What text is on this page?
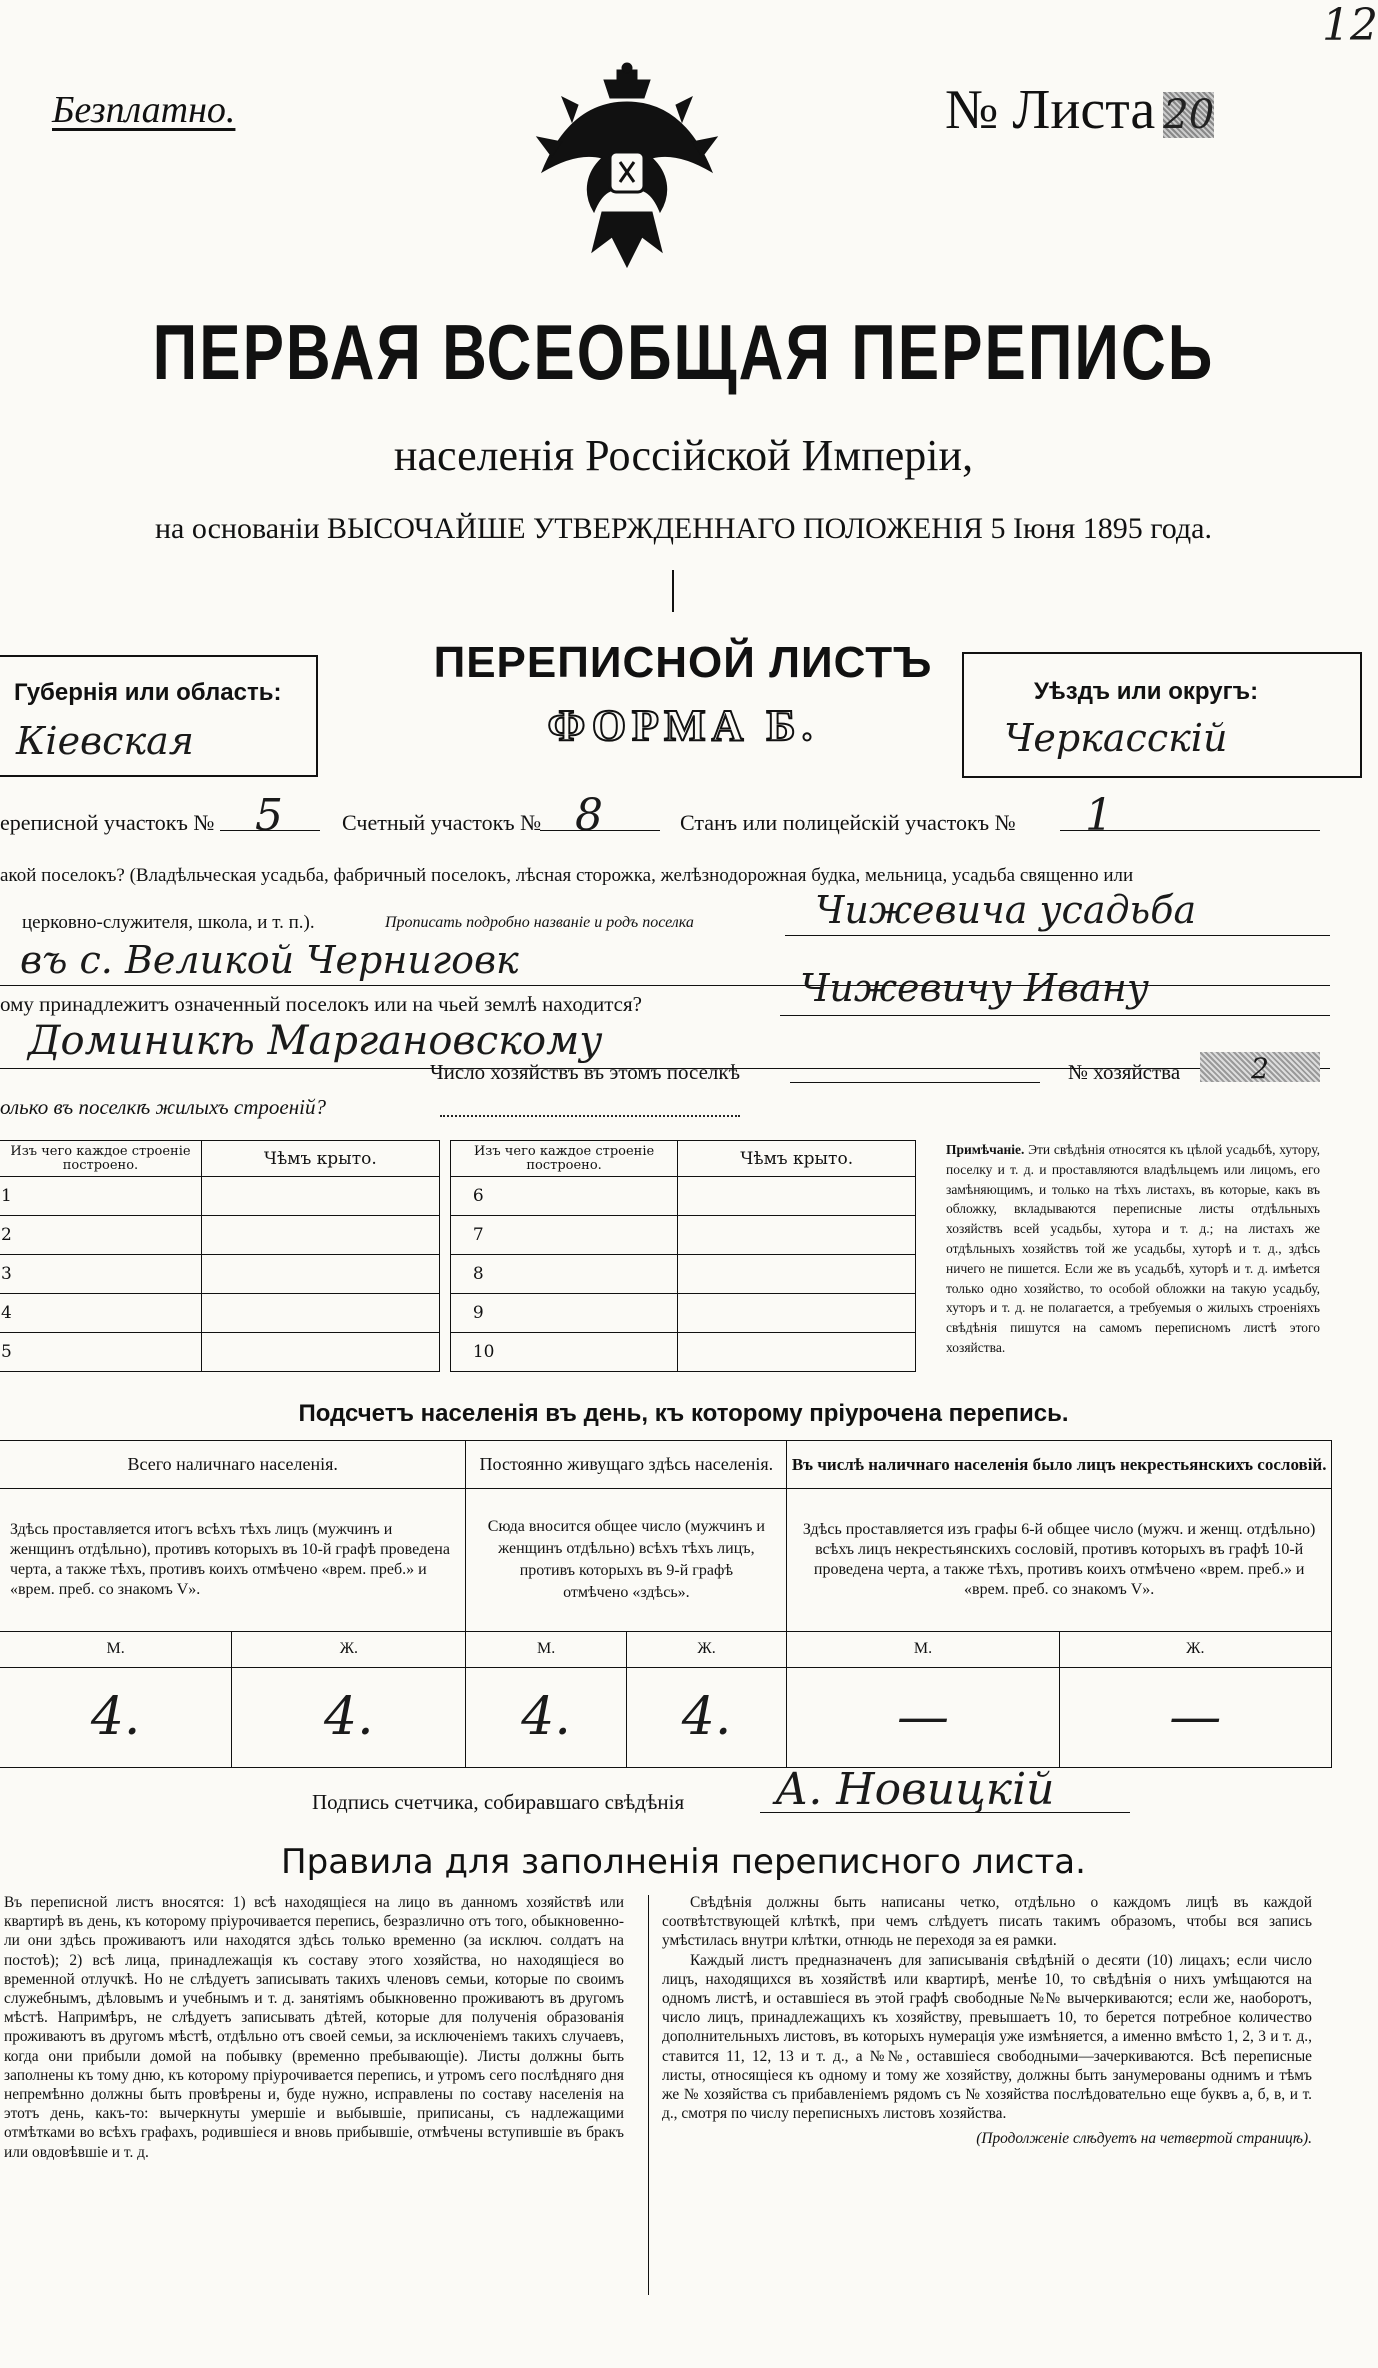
Безплатно.	№ Листа 20
12
ПЕРВАЯ ВСЕОБЩАЯ ПЕРЕПИСЬ
населенія Россійской Имперіи,
на основаніи ВЫСОЧАЙШЕ УТВЕРЖДЕННАГО ПОЛОЖЕНІЯ 5 Іюня 1895 года.
Губернія или область:
Кіевская
ПЕРЕПИСНОЙ ЛИСТЪ
ФОРМА Б.
Уѣздъ или округъ:
Черкасскій
ереписной участокъ № 5	Счетный участокъ № 8	Станъ или полицейскій участокъ № 1
акой поселокъ? (Владѣльческая усадьба, фабричный поселокъ, лѣсная сторожка, желѣзнодорожная будка, мельница, усадьба священно или
церковно-служителя, школа, и т. п.).	Прописать подробно названіе и родъ поселка	Чижевича усадьба
въ с. Великой Черниговк
ому принадлежитъ означенный поселокъ или на чьей землѣ находится?	Чижевичу Ивану
Доминикѣ Маргановскому
Число хозяйствъ въ этомъ поселкѣ	№ хозяйства	2
олько въ поселкѣ жилыхъ строеній?
Изъ чего каждое строеніе построено.	Чѣмъ крыто.		Изъ чего каждое строеніе построено.	Чѣмъ крыто.
1			6	
2			7	
3			8	
4			9	
5			10	
Примѣчаніе. Эти свѣдѣнія относятся къ цѣлой усадьбѣ, хутору, поселку и т. д. и проставляются владѣльцемъ или лицомъ, его замѣняющимъ, и только на тѣхъ листахъ, въ которые, какъ въ обложку, вкладываются переписные листы отдѣльныхъ хозяйствъ всей усадьбы, хутора и т. д.; на листахъ же отдѣльныхъ хозяйствъ той же усадьбы, хуторѣ и т. д., здѣсь ничего не пишется. Если же въ усадьбѣ, хуторѣ и т. д. имѣется только одно хозяйство, то особой обложки на такую усадьбу, хуторъ и т. д. не полагается, а требуемыя о жилыхъ строеніяхъ свѣдѣнія пишутся на самомъ переписномъ листѣ этого хозяйства.
Подсчетъ населенія въ день, къ которому пріурочена перепись.
Всего наличнаго населенія.		Постоянно живущаго здѣсь населенія.		Въ числѣ наличнаго населенія было лицъ некрестьянскихъ сословій.	
Здѣсь проставляется итогъ всѣхъ тѣхъ лицъ (мужчинъ и женщинъ отдѣльно), противъ которыхъ въ 10-й графѣ проведена черта, а также тѣхъ, противъ коихъ отмѣчено «врем. преб.» и «врем. преб. со знакомъ V».		Сюда вносится общее число (мужчинъ и женщинъ отдѣльно) всѣхъ тѣхъ лицъ, противъ которыхъ въ 9-й графѣ отмѣчено «здѣсь».		Здѣсь проставляется изъ графы 6-й общее число (мужч. и женщ. отдѣльно) всѣхъ лицъ некрестьянскихъ сословій, противъ которыхъ въ графѣ 10-й проведена черта, а также тѣхъ, противъ коихъ отмѣчено «врем. преб.» и «врем. преб. со знакомъ V».	
М.	Ж.	М.	Ж.	М.	Ж.
4.	4.	4.	4.	—	—
Подпись счетчика, собиравшаго свѣдѣнія А. Новицкій
Правила для заполненія переписного листа.
Въ переписной листъ вносятся: 1) всѣ находящіеся на лицо въ данномъ хозяйствѣ или квартирѣ въ день, къ которому пріурочивается перепись, безразлично отъ того, обыкновенно-ли они здѣсь проживаютъ или находятся здѣсь только временно (за исключ. солдатъ на постоѣ); 2) всѣ лица, принадлежащія къ составу этого хозяйства, но находящіеся во временной отлучкѣ. Но не слѣдуетъ записывать такихъ членовъ семьи, которые по своимъ служебнымъ, дѣловымъ и учебнымъ и т. д. занятіямъ обыкновенно проживаютъ въ другомъ мѣстѣ. Напримѣръ, не слѣдуетъ записывать дѣтей, которые для полученія образованія проживаютъ въ другомъ мѣстѣ, отдѣльно отъ своей семьи, за исключеніемъ такихъ случаевъ, когда они прибыли домой на побывку (временно пребывающіе). Листы должны быть заполнены къ тому дню, къ которому пріурочивается перепись, и утромъ сего послѣдняго дня непремѣнно должны быть провѣрены и, буде нужно, исправлены по составу населенія на этотъ день, какъ-то: вычеркнуты умершіе и выбывшіе, приписаны, съ надлежащими отмѣтками во всѣхъ графахъ, родившіеся и вновь прибывшіе, отмѣчены вступившіе въ бракъ или овдовѣвшіе и т. д.
Свѣдѣнія должны быть написаны четко, отдѣльно о каждомъ лицѣ въ каждой соотвѣтствующей клѣткѣ, при чемъ слѣдуетъ писать такимъ образомъ, чтобы вся запись умѣстилась внутри клѣтки, отнюдь не переходя за ея рамки.
Каждый листъ предназначенъ для записыванія свѣдѣній о десяти (10) лицахъ; если число лицъ, находящихся въ хозяйствѣ или квартирѣ, менѣе 10, то свѣдѣнія о нихъ умѣщаются на одномъ листѣ, и оставшіеся въ этой графѣ свободные №№ вычеркиваются; если же, наоборотъ, число лицъ, принадлежащихъ къ хозяйству, превышаетъ 10, то берется потребное количество дополнительныхъ листовъ, въ которыхъ нумерація уже измѣняется, а именно вмѣсто 1, 2, 3 и т. д., ставится 11, 12, 13 и т. д., а №№, оставшіеся свободными—зачеркиваются. Всѣ переписные листы, относящіеся къ одному и тому же хозяйству, должны быть занумерованы однимъ и тѣмъ же № хозяйства съ прибавленіемъ рядомъ съ № хозяйства послѣдовательно еще буквъ а, б, в, и т. д., смотря по числу переписныхъ листовъ хозяйства.
(Продолженіе слѣдуетъ на четвертой страницѣ).
